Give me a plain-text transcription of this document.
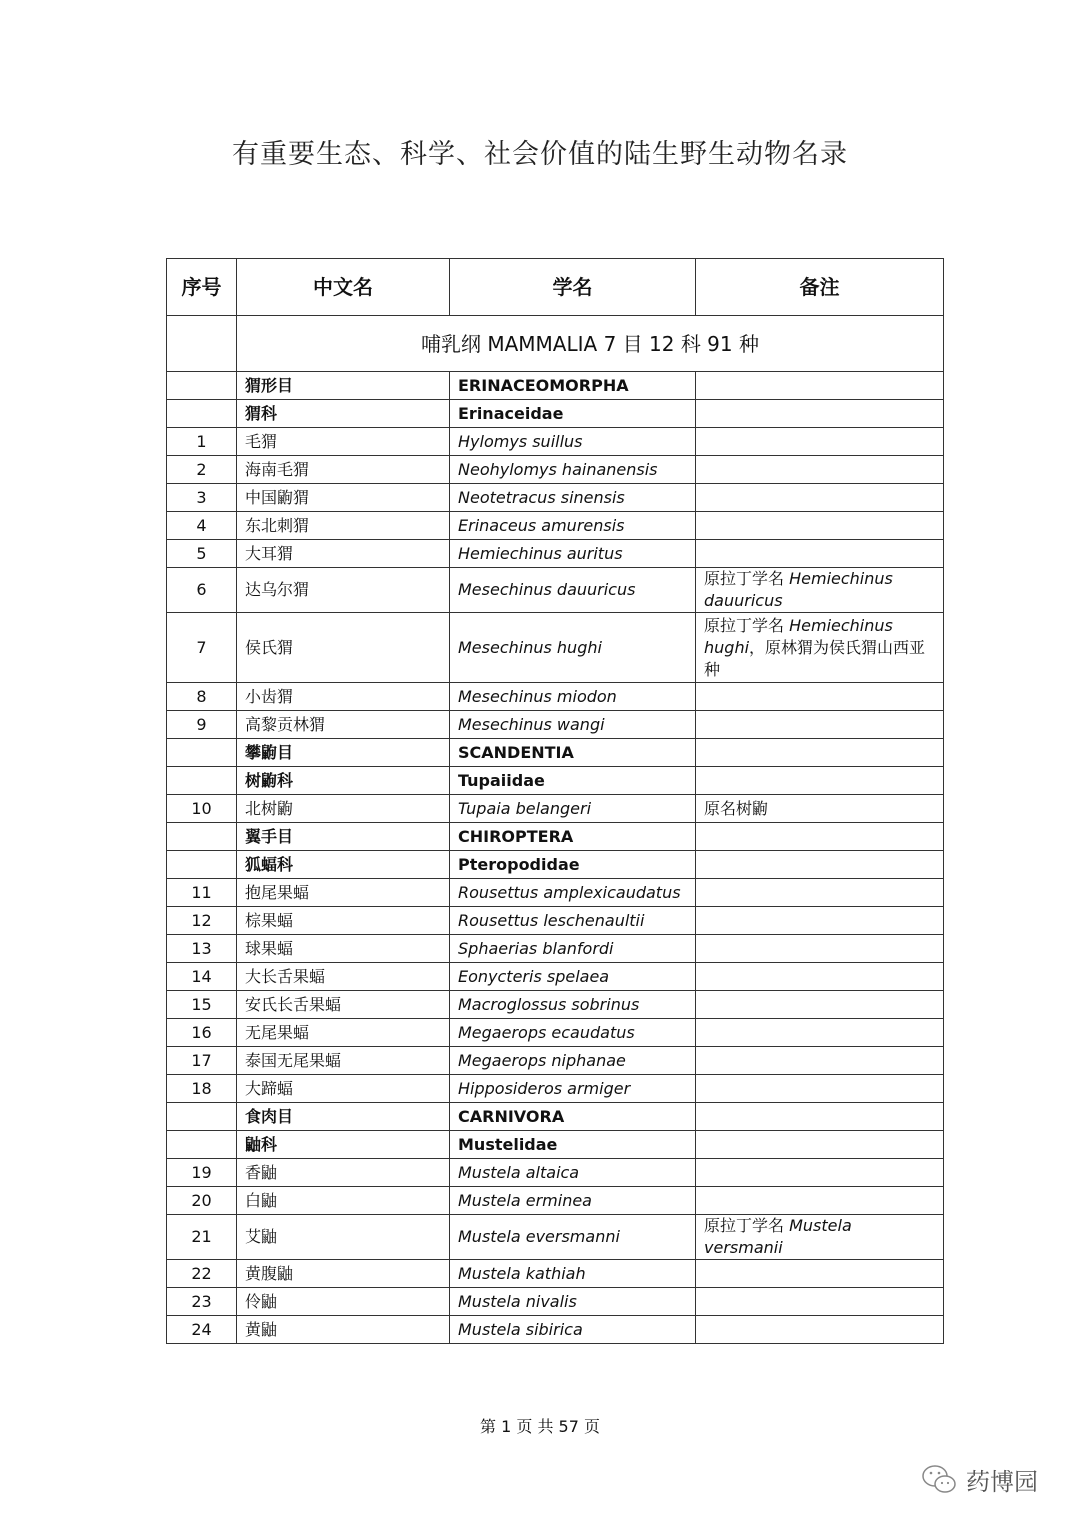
有重要生态、科学、社会价值的陆生野生动物名录
序号	中文名	学名	备注
	哺乳纲 MAMMALIA 7 目 12 科 91 种		
	猬形目	ERINACEOMORPHA	
	猬科	Erinaceidae	
1	毛猬	Hylomys suillus	
2	海南毛猬	Neohylomys hainanensis	
3	中国鼩猬	Neotetracus sinensis	
4	东北刺猬	Erinaceus amurensis	
5	大耳猬	Hemiechinus auritus	
6	达乌尔猬	Mesechinus dauuricus	原拉丁学名 Hemiechinus dauuricus
7	侯氏猬	Mesechinus hughi	原拉丁学名 Hemiechinus hughi，原林猬为侯氏猬山西亚种
8	小齿猬	Mesechinus miodon	
9	高黎贡林猬	Mesechinus wangi	
	攀鼩目	SCANDENTIA	
	树鼩科	Tupaiidae	
10	北树鼩	Tupaia belangeri	原名树鼩
	翼手目	CHIROPTERA	
	狐蝠科	Pteropodidae	
11	抱尾果蝠	Rousettus amplexicaudatus	
12	棕果蝠	Rousettus leschenaultii	
13	球果蝠	Sphaerias blanfordi	
14	大长舌果蝠	Eonycteris spelaea	
15	安氏长舌果蝠	Macroglossus sobrinus	
16	无尾果蝠	Megaerops ecaudatus	
17	泰国无尾果蝠	Megaerops niphanae	
18	大蹄蝠	Hipposideros armiger	
	食肉目	CARNIVORA	
	鼬科	Mustelidae	
19	香鼬	Mustela altaica	
20	白鼬	Mustela erminea	
21	艾鼬	Mustela eversmanni	原拉丁学名 Mustela versmanii
22	黄腹鼬	Mustela kathiah	
23	伶鼬	Mustela nivalis	
24	黄鼬	Mustela sibirica	
第 1 页 共 57 页
药博园
